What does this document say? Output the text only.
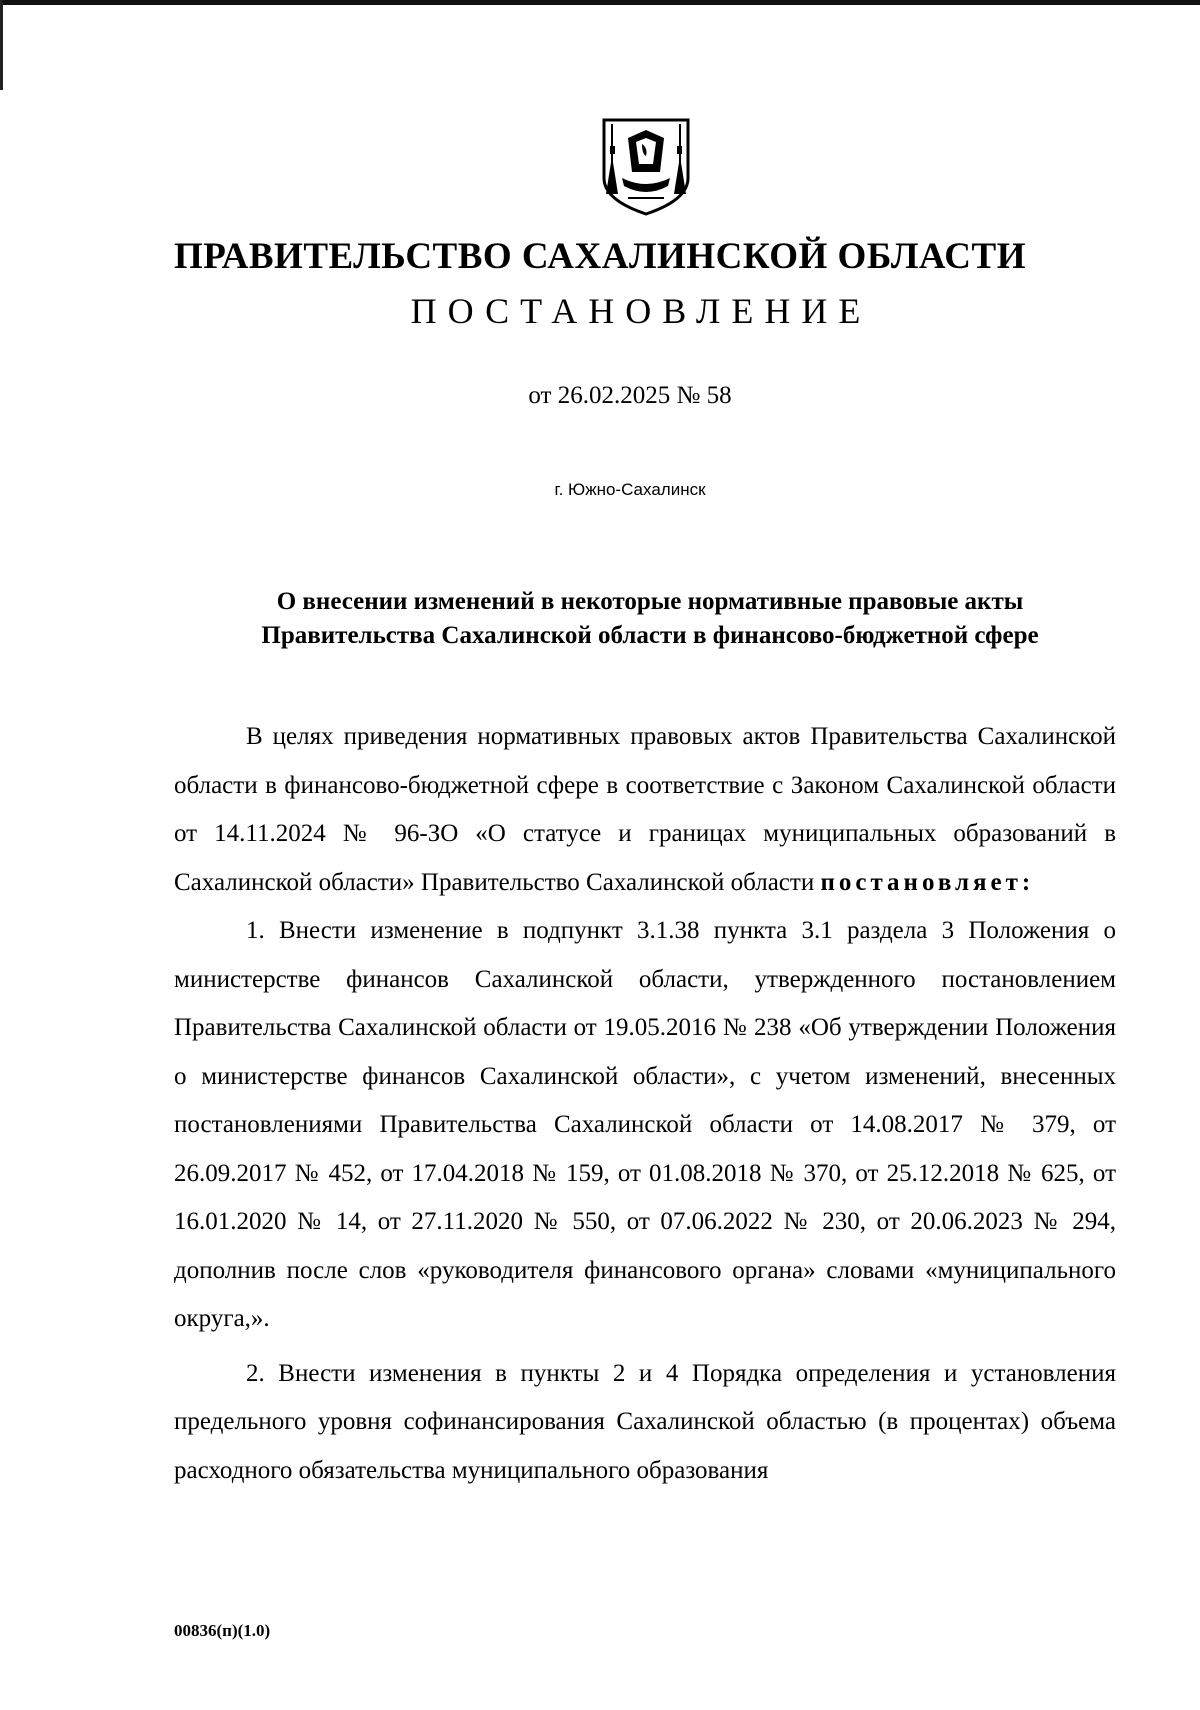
ПРАВИТЕЛЬСТВО САХАЛИНСКОЙ ОБЛАСТИ
ПОСТАНОВЛЕНИЕ
от 26.02.2025 № 58
г. Южно-Сахалинск
О внесении изменений в некоторые нормативные правовые акты
Правительства Сахалинской области в финансово-бюджетной сфере

В целях приведения нормативных правовых актов Правительства Сахалинской области в финансово-бюджетной сфере в соответствие с Законом Сахалинской области от 14.11.2024 № 96-ЗО «О статусе и границах муниципальных образований в Сахалинской области» Правительство Сахалинской области постановляет:

1. Внести изменение в подпункт 3.1.38 пункта 3.1 раздела 3 Положения о министерстве финансов Сахалинской области, утвержденного постановлением Правительства Сахалинской области от 19.05.2016 № 238 «Об утверждении Положения о министерстве финансов Сахалинской области», с учетом изменений, внесенных постановлениями Правительства Сахалинской области от 14.08.2017 № 379, от 26.09.2017 № 452, от 17.04.2018 № 159, от 01.08.2018 № 370, от 25.12.2018 № 625, от 16.01.2020 № 14, от 27.11.2020 № 550, от 07.06.2022 № 230, от 20.06.2023 № 294, дополнив после слов «руководителя финансового органа» словами «муниципального округа,».

2. Внести изменения в пункты 2 и 4 Порядка определения и установления предельного уровня софинансирования Сахалинской областью (в процентах) объема расходного обязательства муниципального образования

00836(п)(1.0)
